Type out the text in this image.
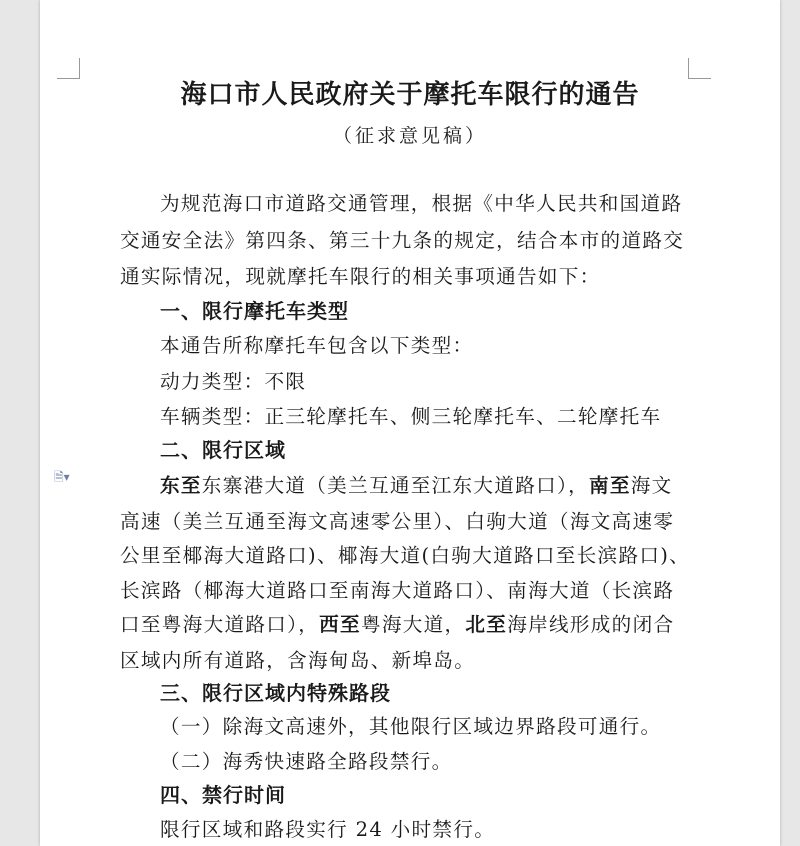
🗎▾
海口市人民政府关于摩托车限行的通告
（征求意见稿）
为规范海口市道路交通管理，根据《中华人民共和国道路
交通安全法》第四条、第三十九条的规定，结合本市的道路交
通实际情况，现就摩托车限行的相关事项通告如下：
一、限行摩托车类型
本通告所称摩托车包含以下类型：
动力类型：不限
车辆类型：正三轮摩托车、侧三轮摩托车、二轮摩托车
二、限行区域
东至东寨港大道（美兰互通至江东大道路口），南至海文
高速（美兰互通至海文高速零公里）、白驹大道（海文高速零
公里至椰海大道路口)、椰海大道(白驹大道路口至长滨路口)、
长滨路（椰海大道路口至南海大道路口）、南海大道（长滨路
口至粤海大道路口），西至粤海大道，北至海岸线形成的闭合
区域内所有道路，含海甸岛、新埠岛。
三、限行区域内特殊路段
（一）除海文高速外，其他限行区域边界路段可通行。
（二）海秀快速路全路段禁行。
四、禁行时间
限行区域和路段实行 24 小时禁行。
